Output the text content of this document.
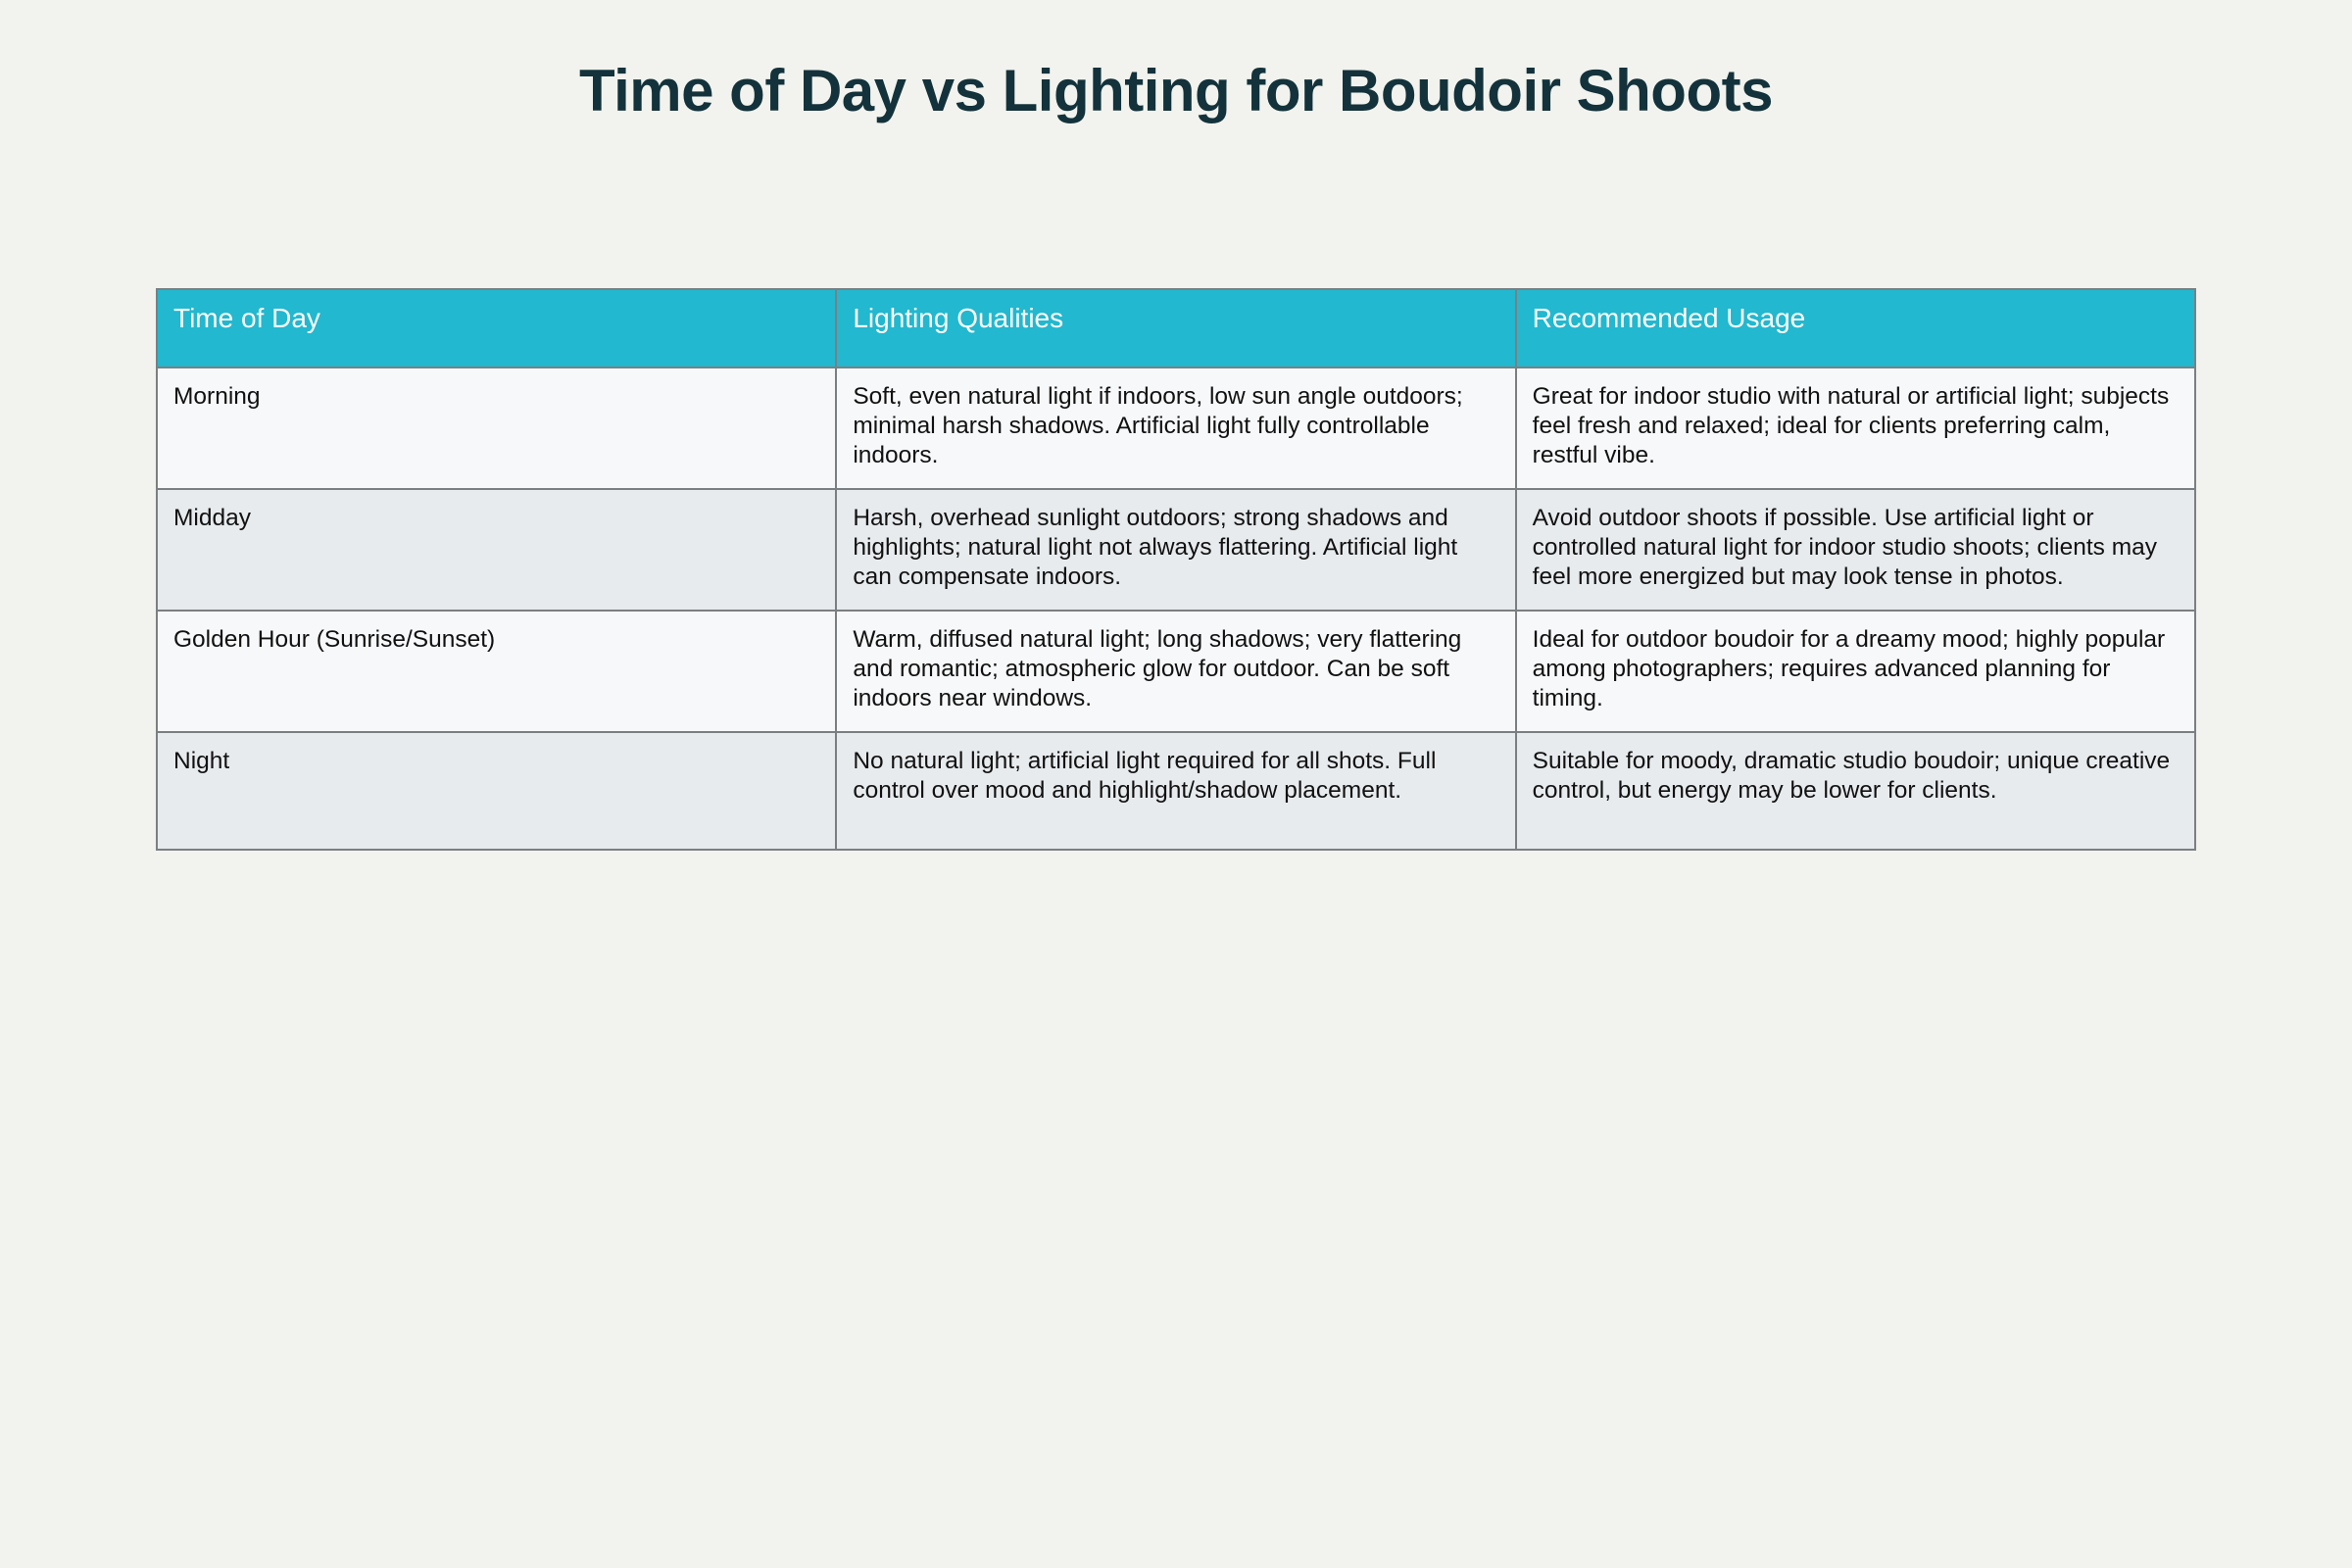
Time of Day vs Lighting for Boudoir Shoots
Time of Day	Lighting Qualities	Recommended Usage
Morning	Soft, even natural light if indoors, low sun angle outdoors; minimal harsh shadows. Artificial light fully controllable indoors.	Great for indoor studio with natural or artificial light; subjects feel fresh and relaxed; ideal for clients preferring calm, restful vibe.
Midday	Harsh, overhead sunlight outdoors; strong shadows and highlights; natural light not always flattering. Artificial light can compensate indoors.	Avoid outdoor shoots if possible. Use artificial light or controlled natural light for indoor studio shoots; clients may feel more energized but may look tense in photos.
Golden Hour (Sunrise/Sunset)	Warm, diffused natural light; long shadows; very flattering and romantic; atmospheric glow for outdoor. Can be soft indoors near windows.	Ideal for outdoor boudoir for a dreamy mood; highly popular among photographers; requires advanced planning for timing.
Night	No natural light; artificial light required for all shots. Full control over mood and highlight/shadow placement.	Suitable for moody, dramatic studio boudoir; unique creative control, but energy may be lower for clients.
